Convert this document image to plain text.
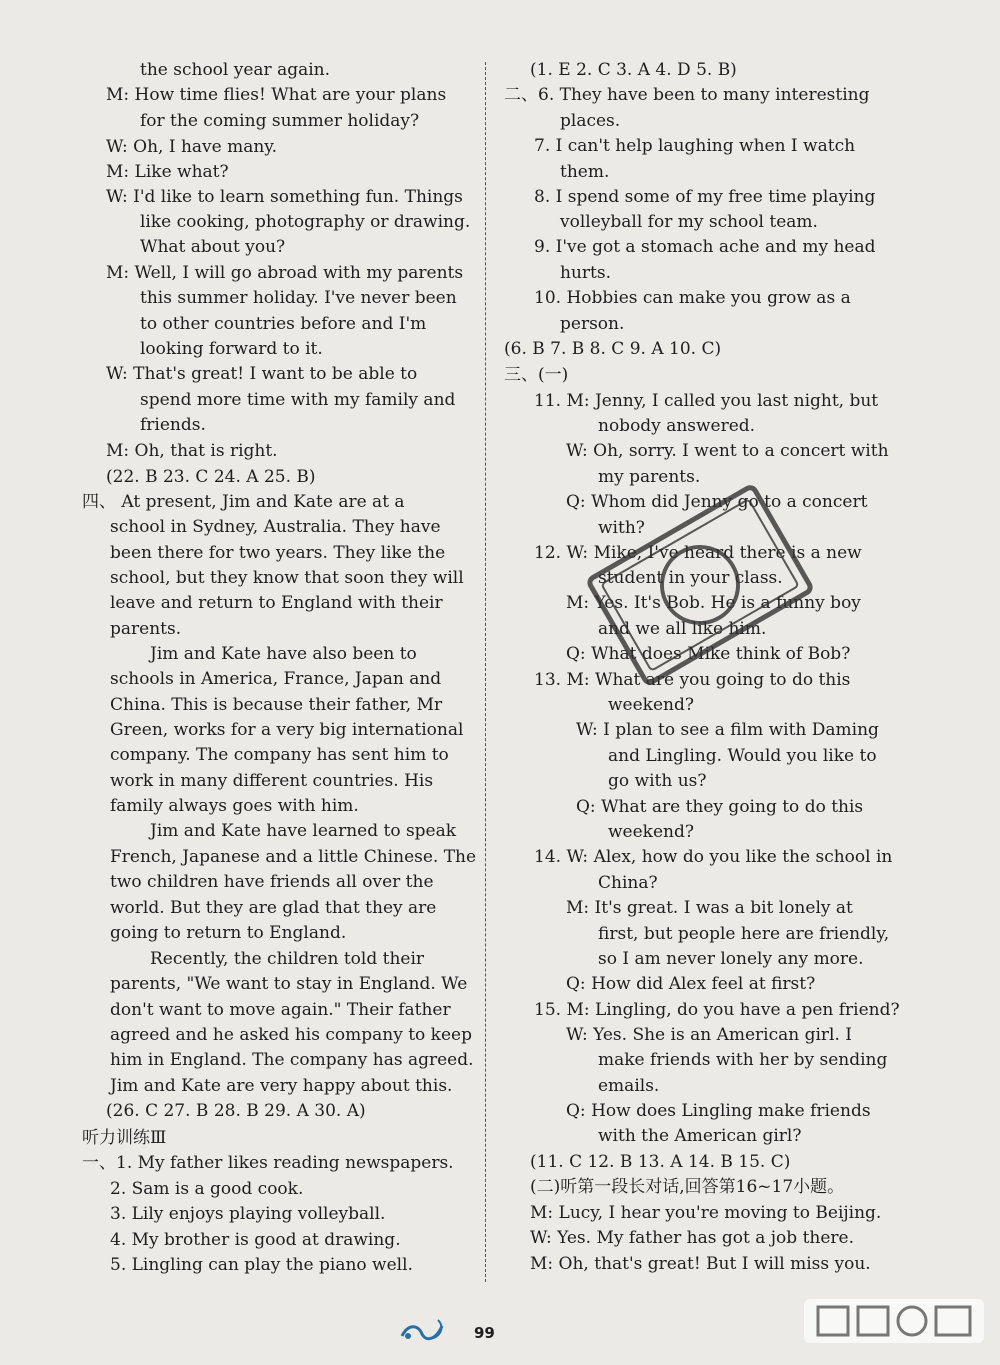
the school year again.
M: How time flies! What are your plans
for the coming summer holiday?
W: Oh, I have many.
M: Like what?
W: I'd like to learn something fun. Things
like cooking, photography or drawing.
What about you?
M: Well, I will go abroad with my parents
this summer holiday. I've never been
to other countries before and I'm
looking forward to it.
W: That's great! I want to be able to
spend more time with my family and
friends.
M: Oh, that is right.
(22. B 23. C 24. A 25. B)
四、 At present, Jim and Kate are at a
school in Sydney, Australia. They have
been there for two years. They like the
school, but they know that soon they will
leave and return to England with their
parents.
Jim and Kate have also been to
schools in America, France, Japan and
China. This is because their father, Mr
Green, works for a very big international
company. The company has sent him to
work in many different countries. His
family always goes with him.
Jim and Kate have learned to speak
French, Japanese and a little Chinese. The
two children have friends all over the
world. But they are glad that they are
going to return to England.
Recently, the children told their
parents, "We want to stay in England. We
don't want to move again." Their father
agreed and he asked his company to keep
him in England. The company has agreed.
Jim and Kate are very happy about this.
(26. C 27. B 28. B 29. A 30. A)
听力训练Ⅲ
一、1. My father likes reading newspapers.
2. Sam is a good cook.
3. Lily enjoys playing volleyball.
4. My brother is good at drawing.
5. Lingling can play the piano well.
(1. E 2. C 3. A 4. D 5. B)
二、6. They have been to many interesting
places.
7. I can't help laughing when I watch
them.
8. I spend some of my free time playing
volleyball for my school team.
9. I've got a stomach ache and my head
hurts.
10. Hobbies can make you grow as a
person.
(6. B 7. B 8. C 9. A 10. C)
三、(一)
11. M: Jenny, I called you last night, but
nobody answered.
W: Oh, sorry. I went to a concert with
my parents.
Q: Whom did Jenny go to a concert
with?
12. W: Mike, I've heard there is a new
student in your class.
M: Yes. It's Bob. He is a funny boy
and we all like him.
Q: What does Mike think of Bob?
13. M: What are you going to do this
weekend?
W: I plan to see a film with Daming
and Lingling. Would you like to
go with us?
Q: What are they going to do this
weekend?
14. W: Alex, how do you like the school in
China?
M: It's great. I was a bit lonely at
first, but people here are friendly,
so I am never lonely any more.
Q: How did Alex feel at first?
15. M: Lingling, do you have a pen friend?
W: Yes. She is an American girl. I
make friends with her by sending
emails.
Q: How does Lingling make friends
with the American girl?
(11. C 12. B 13. A 14. B 15. C)
(二)听第一段长对话,回答第16~17小题。
M: Lucy, I hear you're moving to Beijing.
W: Yes. My father has got a job there.
M: Oh, that's great! But I will miss you.
99
